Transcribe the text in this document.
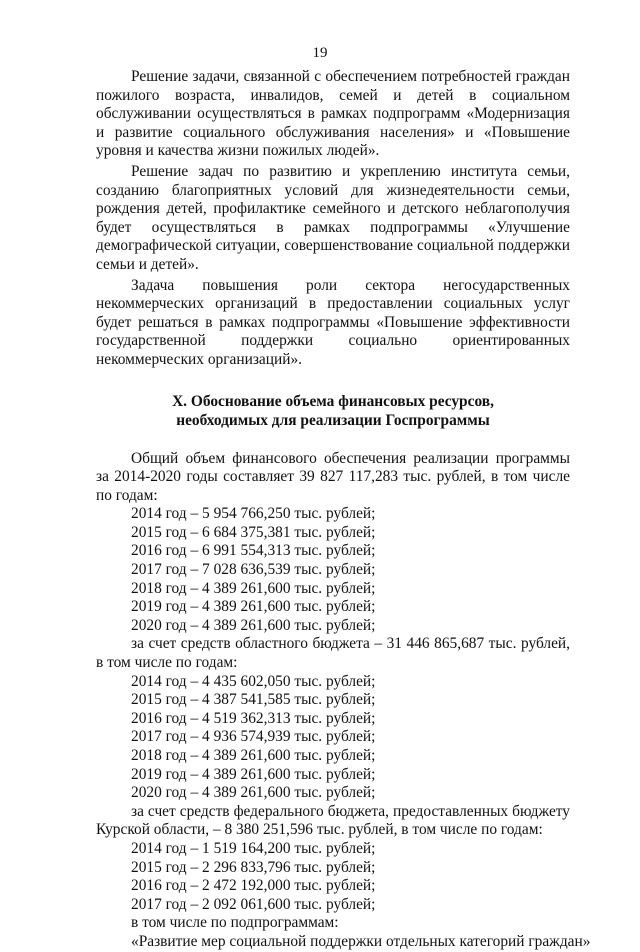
19

Решение задачи, связанной с обеспечением потребностей граждан пожилого возраста, инвалидов, семей и детей в социальном обслуживании осуществляться в рамках подпрограмм «Модернизация и развитие социального обслуживания населения» и «Повышение уровня и качества жизни пожилых людей».

Решение задач по развитию и укреплению института семьи, созданию благоприятных условий для жизнедеятельности семьи, рождения детей, профилактике семейного и детского неблагополучия будет осуществляться в рамках подпрограммы «Улучшение демографической ситуации, совершенствование социальной поддержки семьи и детей».

Задача повышения роли сектора негосударственных некоммерческих организаций в предоставлении социальных услуг будет решаться в рамках подпрограммы «Повышение эффективности государственной поддержки социально ориентированных некоммерческих организаций».

X. Обоснование объема финансовых ресурсов,
необходимых для реализации Госпрограммы

Общий объем финансового обеспечения реализации программы за 2014-2020 годы составляет 39 827 117,283 тыс. рублей, в том числе по годам:

2014 год – 5 954 766,250 тыс. рублей;

2015 год – 6 684 375,381 тыс. рублей;

2016 год – 6 991 554,313 тыс. рублей;

2017 год – 7 028 636,539 тыс. рублей;

2018 год – 4 389 261,600 тыс. рублей;

2019 год – 4 389 261,600 тыс. рублей;

2020 год – 4 389 261,600 тыс. рублей;

за счет средств областного бюджета – 31 446 865,687 тыс. рублей, в том числе по годам:

2014 год – 4 435 602,050 тыс. рублей;

2015 год – 4 387 541,585 тыс. рублей;

2016 год – 4 519 362,313 тыс. рублей;

2017 год – 4 936 574,939 тыс. рублей;

2018 год – 4 389 261,600 тыс. рублей;

2019 год – 4 389 261,600 тыс. рублей;

2020 год – 4 389 261,600 тыс. рублей;

за счет средств федерального бюджета, предоставленных бюджету Курской области, – 8 380 251,596 тыс. рублей, в том числе по годам:

2014 год – 1 519 164,200 тыс. рублей;

2015 год – 2 296 833,796 тыс. рублей;

2016 год – 2 472 192,000 тыс. рублей;

2017 год – 2 092 061,600 тыс. рублей;

в том числе по подпрограммам:

«Развитие мер социальной поддержки отдельных категорий граждан»
